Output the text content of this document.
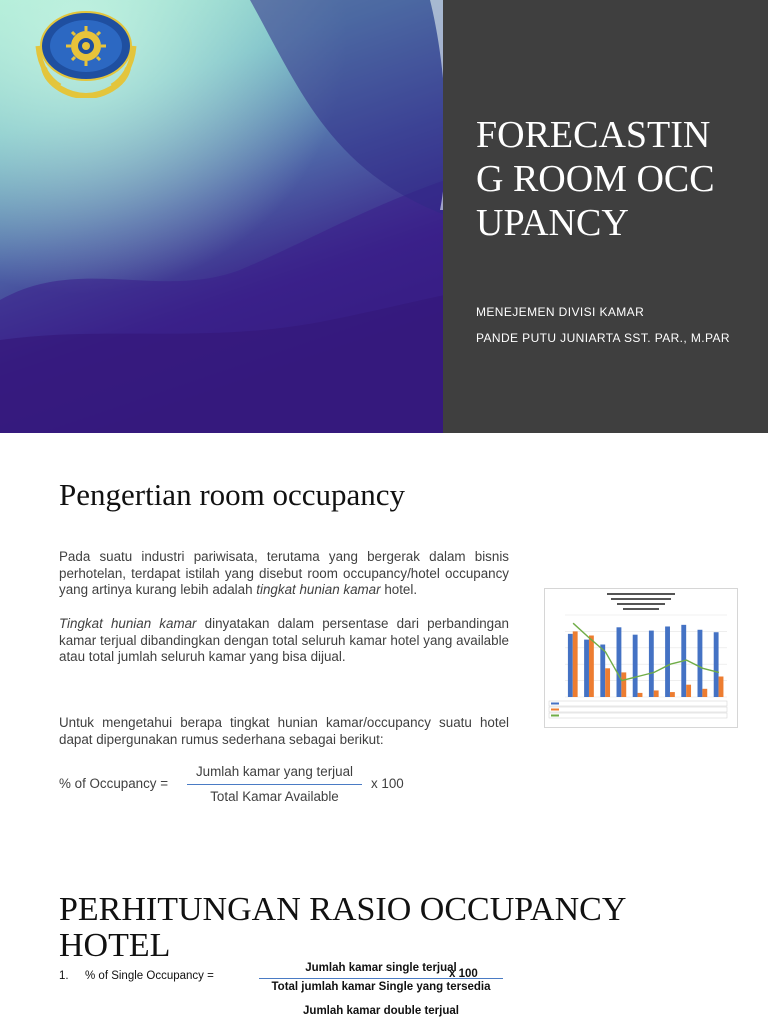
FORECASTING ROOM OCCUPANCY

MENEJEMEN DIVISI KAMAR

PANDE PUTU JUNIARTA SST. PAR., M.PAR

Pengertian room occupancy

Pada suatu industri pariwisata, terutama yang bergerak dalam bisnis perhotelan, terdapat istilah yang disebut room occupancy/hotel occupancy yang artinya kurang lebih adalah tingkat hunian kamar hotel.

Tingkat hunian kamar dinyatakan dalam persentase dari perbandingan kamar terjual dibandingkan dengan total seluruh kamar hotel yang available atau total jumlah seluruh kamar yang bisa dijual.

Untuk mengetahui berapa tingkat hunian kamar/occupancy suatu hotel dapat dipergunakan rumus sederhana sebagai berikut:

% of Occupancy =
Jumlah kamar yang terjual
Total Kamar Available
x 100
PERHITUNGAN RASIO OCCUPANCY HOTEL
1. % of Single Occupancy =
Jumlah kamar single terjual
Total jumlah kamar Single yang tersedia
x 100
Jumlah kamar double terjual
